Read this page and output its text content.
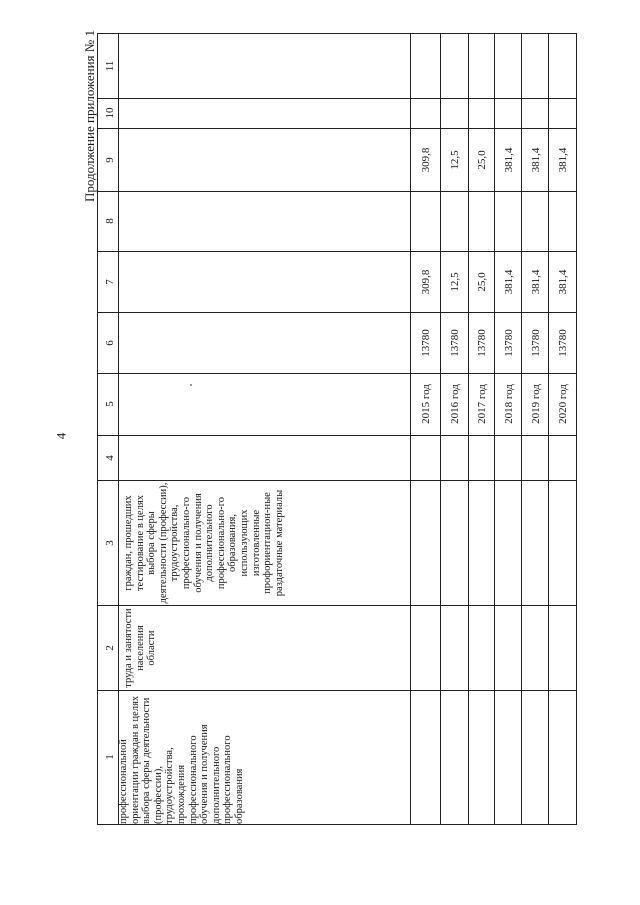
4
Продолжение приложения № 1 11
10
9
8
7
6
5
4
3
2
1
2015 год
13780
309,8
309,8
2016 год
13780
12,5
12,5
2017 год
13780
25,0
25,0
2018 год
13780
381,4
381,4
2019 год
13780
381,4
381,4
2020 год
13780
381,4
381,4
профессиональной ориентации граждан в целях выбора сферы деятельности (профессии), трудоустройства, прохождения профессионального обучения и получения дополнительного профессионального образования
труда и занятости населения области
граждан, прошедших тестирование в целях выбора сферы деятельности (профессии), трудоустройства, профессионально-го обучения и получения дополнительного профессионально-го образования, использующих изготовленные профориентацион-ные раздаточные материалы
